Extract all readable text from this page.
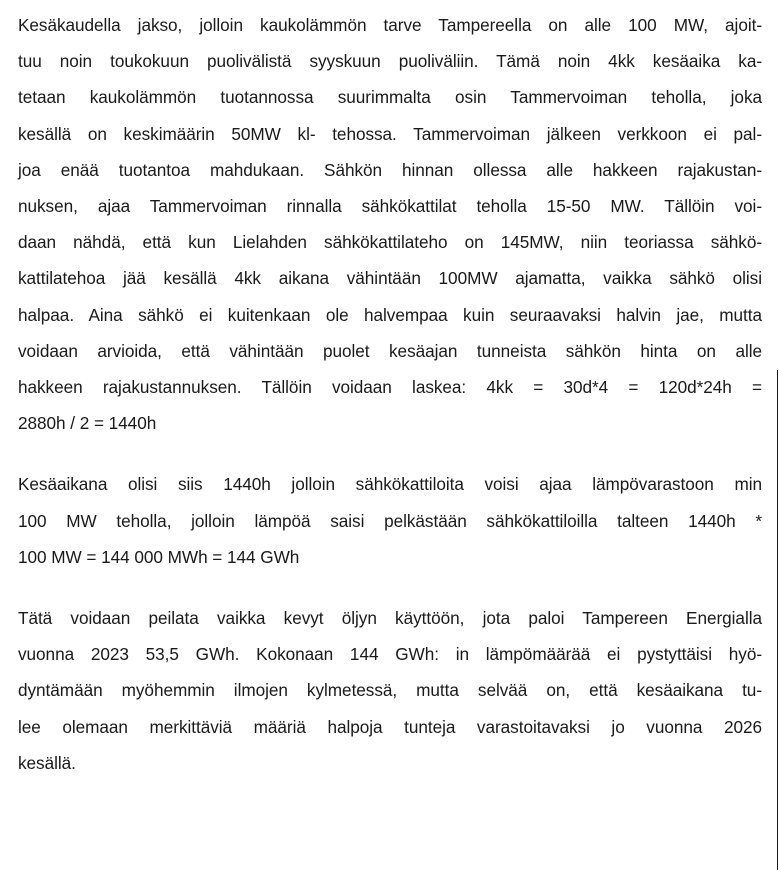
Kesäkaudella jakso, jolloin kaukolämmön tarve Tampereella on alle 100 MW, ajoit-
tuu noin toukokuun puolivälistä syyskuun puoliväliin. Tämä noin 4kk kesäaika ka-
tetaan kaukolämmön tuotannossa suurimmalta osin Tammervoiman teholla, joka
kesällä on keskimäärin 50MW kl- tehossa. Tammervoiman jälkeen verkkoon ei pal-
joa enää tuotantoa mahdukaan. Sähkön hinnan ollessa alle hakkeen rajakustan-
nuksen, ajaa Tammervoiman rinnalla sähkökattilat teholla 15-50 MW. Tällöin voi-
daan nähdä, että kun Lielahden sähkökattilateho on 145MW, niin teoriassa sähkö-
kattilatehoa jää kesällä 4kk aikana vähintään 100MW ajamatta, vaikka sähkö olisi
halpaa. Aina sähkö ei kuitenkaan ole halvempaa kuin seuraavaksi halvin jae, mutta
voidaan arvioida, että vähintään puolet kesäajan tunneista sähkön hinta on alle
hakkeen rajakustannuksen. Tällöin voidaan laskea: 4kk = 30d*4 = 120d*24h =
2880h / 2 = 1440h

Kesäaikana olisi siis 1440h jolloin sähkökattiloita voisi ajaa lämpövarastoon min
100 MW teholla, jolloin lämpöä saisi pelkästään sähkökattiloilla talteen 1440h *
100 MW = 144 000 MWh = 144 GWh

Tätä voidaan peilata vaikka kevyt öljyn käyttöön, jota paloi Tampereen Energialla
vuonna 2023 53,5 GWh. Kokonaan 144 GWh: in lämpömäärää ei pystyttäisi hyö-
dyntämään myöhemmin ilmojen kylmetessä, mutta selvää on, että kesäaikana tu-
lee olemaan merkittäviä määriä halpoja tunteja varastoitavaksi jo vuonna 2026
kesällä.
